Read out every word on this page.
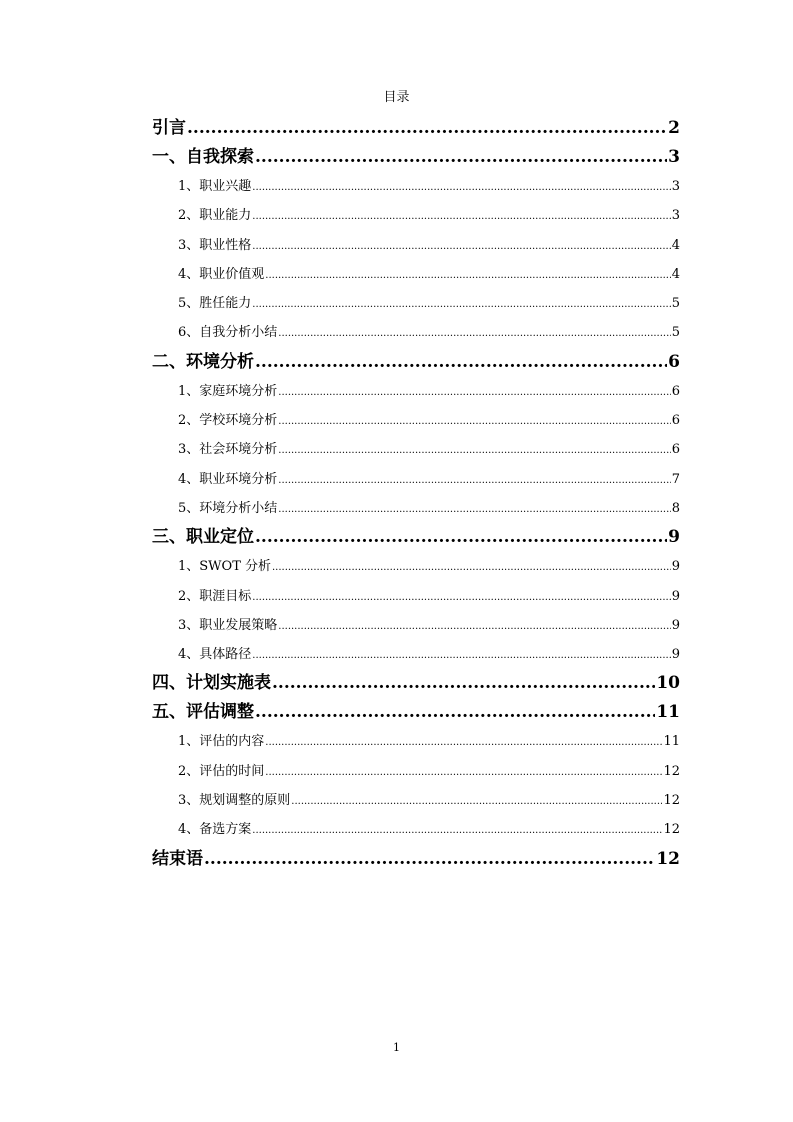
目录
引言 .....	2
一、自我探索 .....	3
1、职业兴趣 .....	3
2、职业能力 .....	3
3、职业性格 .....	4
4、职业价值观 .....	4
5、胜任能力 .....	5
6、自我分析小结 .....	5
二、环境分析 .....	6
1、家庭环境分析 .....	6
2、学校环境分析 .....	6
3、社会环境分析 .....	6
4、职业环境分析 .....	7
5、环境分析小结 .....	8
三、职业定位 .....	9
1、SWOT 分析 .....	9
2、职涯目标 .....	9
3、职业发展策略 .....	9
4、具体路径 .....	9
四、计划实施表 .....	10
五、评估调整 .....	11
1、评估的内容 .....	11
2、评估的时间 .....	12
3、规划调整的原则 .....	12
4、备选方案 .....	12
结束语 .....	12
1
